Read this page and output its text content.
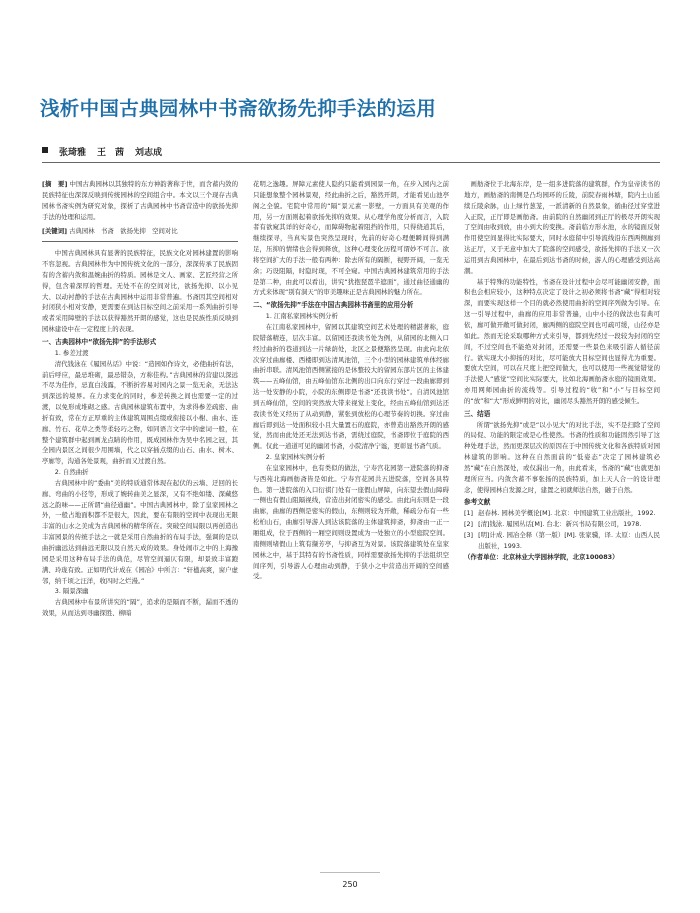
浅析中国古典园林中书斋欲扬先抑手法的运用
张琦雅 王　茜 刘志成

[摘　要] 中国古典园林以其独特的东方神韵著称于世，而含蓄内敛的民族特征也深深反映到传统园林的空间组合中。本文以三个现存古典园林书斋实例为研究对象，探析了古典园林中书斋营造中的欲扬先抑手法的处理和运用。

[关键词] 古典园林　书斋　欲扬先抑　空间对比

中国古典园林具有显著的民族特征，民族文化对园林建置的影响不容忽视。古典园林作为中国传统文化的一部分，深深传承了民族固有的含蓄内敛和温婉曲折的特质。园林是文人、画家、艺匠经营之所得，包含着深厚的哲理。无处不在的空间对比，欲扬先抑、以小见大、以动衬静的手法在古典园林中运用非常普遍。书斋因其空间相对封闭狭小相对安静，更需要在到达目标空间之前采用一系列曲折引导或者采用障壁的手法以获得豁然开朗的感觉，这也是民族性质反映到园林建设中在一定程度上的表现。

一、古典园林中“欲扬先抑”的手法形式
1. 参差过渡

清代钱泳在《履园丛话》中说：“造园如作诗文，必使曲折有法，前后呼应，最忌堆砌，最忌错杂，方称佳构。”古典园林的营建以深远不尽为佳作，忌直白浅露，不断折容易对园内之景一览无余，无法达到深远的境界。在力求变化的同时，参差转换之间也需要一定的过渡，以免形成堆砌之感。古典园林建筑布置中，为求得参差疏密、曲折有致，常在方正厚重的主体建筑周围点缀或衔接以小榭、曲水、连廊、竹石、花草之类等柔轻巧之物，如同语言文字中的虚词一般，在整个建筑群中起到画龙点睛的作用，既成园林作为吴中名园之冠，其全园内景区之间很少用围墙，代之以穿插点缀的山石、曲水、树木、亭廊等，沟通各处景观，曲折而又过渡自然。

2. 自然曲折

古典园林中的“委曲”美的特质通常体现在起伏的云墙、迂回的长廊、弯曲的小径等，形成了婉转曲美之显深，又有不绝如缕、深藏悠远之韵味——正所谓“曲径通幽”。中国古典园林中，除了皇家园林之外，一般占地面积都不是很大，因此，要在有限的空间中表现出无限丰富的山水之美成为古典园林的精华所在。突破空间局限以再创造出丰富园景的传统手法之一就是采用自然曲折的布局手法，强调的是以曲折幽远达到曲远无限以及自然天成的效果。身处闹市之中的上海豫园是采用这种布局手法的典范，尽管空间逼仄有限，却景致丰富跑满、玲珑有致。正如明代计成在《园冶》中所言：“轩楹高爽，窗户虚邻，纳千顷之汪洋，收四时之烂漫。”

3. 隔景深幽

古典园林中布景所讲究的“隔”，追求的是隔而不断，漏而不透的效果，从而达到寻幽探胜、柳暗

花明之逸趣。屏障元素使人隐约只能看到园景一角，在步入园内之前只能想象整个园林景观，经此曲折之后，豁然开朗，才能看见山池亭阁之全貌。宅院中常用的“隔”景元素一影壁，一方面具有美观的作用，另一方面则起着欲扬先抑的效果。从心理学角度分析而言，入院者有欲窥其详的好奇心，而障碍物起着阻挡的作用，只得绕道其后，继续探寻，当真实景色突然呈现时，先前的好奇心理便瞬间得到满足，压抑的情绪也会得到释放，这种心理变化历程可谓妙不可言。欲将空间扩大的手法一般有两种：除去所有的隔断，视野开阔，一览无余；巧设阻隔，时隐时现，不可全窥。中国古典园林建筑常用的手法是第二种，由此可以看出，讲究“犹抱琵琶半遮面”，通过曲径通幽的方式来体现“别有洞天”的审美趣味正是古典园林的魅力所在。

二、“欲扬先抑”手法在中国古典园林书斋里的应用分析
1. 江南私家园林实例分析

在江南私家园林中，留园以其建筑空间艺术处理的精湛著称，庭院错落精连，层次丰富。以留园还我读书处为例，从留园的北侧入口经过曲折的巷道到达一片绿荫处，北区之景便豁然呈现。由此向北依次穿过曲廊楼、西楼即到达清风池馆，三个小型的园林建筑单体经廊曲折串联。清风池馆西侧紧接的是休整较大的留园东部片区的主体建筑——五峰仙馆，由五峰仙馆东北侧的出口向东行穿过一段曲廊即到达一处安静的小院，小院的东侧即是书斋“还我读书处”。自清风池馆到五峰仙馆，空间的突然放大带来视觉上变化，经由五峰仙馆到达还我读书处又经历了从动到静，紧张到放松的心理节奏的切换。穿过曲廊后即到达一处面积较小且大量置石的庭院，亦曾造出豁然开朗的感觉，然而由此处还无法到达书斋，需绕过庭院，书斋即位于庭院的西侧。仅此一道道可见的幽闭书斋，小院清净宁谧，更彰显书斋气质。

2. 皇家园林实例分析

在皇家园林中，也有类似的做法，宁寿宫花园第一进院落的抑斋与西苑北海画舫斋皆是如此。宁寿宫花园共五进院落，空间各具特色。第一进院落的入口衍祺门处有一座假山屏障，向东望去假山障碍一侧也有假山阻隔视线，营造出封闭密实的感受。由此向东则是一段曲廊，曲廊的西侧是密实的假山，东侧则较为开敞，稀疏分布有一些松柏山石，曲廊引导游人到达该院落的主体建筑抑斋，抑斋由一正一厢组成，位于西侧的一厢空间则设置成为一处独立的小型庭院空间。南侧则堵假山上筑有撷芳亭，与抑斋互为对景。该院落建筑处在皇家园林之中，基于其特有的书斋性质，同样需要欲扬先抑的手法组织空间序列，引导游人心理由动到静，于狭小之中营造出开阔的空间感受。

　画舫斋位于北海东岸，是一组多进院落的建筑群，作为皇帝读书的地方，画舫斋的南侧是凸均园环的丘陵，前院春雨林塘，院内土山延续丘陵余脉，山上绿竹葱茏，一派清新的自然景象，循曲径过穿堂进入正院，正厅即是画舫斋。由前院的自然幽闭到正厅的极尽开朗实现了空间由收到放，由小到大的变换。斋前临方形水池，水的镜面反射作用使空间显得比实际要大，同时水庭留中引导流线沿东西两侧廊到达正厅，又于无意中加大了院落的空间感受，欲扬先抑的手法又一次运用到古典园林中，在最后到达书斋的时候，游人的心理感受到达高潮。

基于特殊的功能特性，书斋在设计过程中会尽可能幽闭安静，面积也会相应较小，这种特点决定了设计之初必须将书斋“藏”得相对较深，而要实现这样一个目的就必然使用曲折的空间序列做为引导。在这一引导过程中，曲廊的应用非常普遍，山中小径的做法也有典可依，廊可做开敞可做封闭，廊两侧的庭院空间也可疏可缓，山径亦是如此。然而无论采取哪种方式来引导，都到先经过一段较为封闭的空间，不过空间也不能绝对封闭，还需要一些景色来吸引游人循径前行。欲实现大小抑扬的对比，尽可能放大目标空间也显得尤为重要。要放大空间，可以在尺度上把空间做大，也可以使用一些视觉错觉的手法使人“感觉”空间比实际要大，比如北海画舫斋水庭的镜面效果。亦用网师园曲折的流线等。引导过程的“收”和“小”与目标空间的“放”和“大”形成鲜明的对比，幽闭尽头豁然开朗的感受倾生。

三、结语

所谓“欲扬先抑”或是“以小见大”的对比手法，实不是扫除了空间的局促、功能的限定或是心性使然。书斋的性质和功能固然引导了这种处理手法，然而更深层次的原因在于中国传统文化和各族特质对园林建筑的影响。这种在自然面前的“低姿态”决定了园林建筑必然“藏”在自然深处，或仅漏出一角，由此看来，书斋的“藏”也就更加理所应当。内敛含蓄不事张扬的民族特质，加上天人合一的设计理念，使得园林自发源之时，建置之初就师法自然，融于自然。

参考文献

[1] 赵春林. 园林美学概论[M]. 北京：中国建筑工业出版社，1992.

[2] [清]钱泳. 履园丛话[M]. 台北：新兴书局有限公司，1978.

[3] [明]计成. 园冶全释（第一版）[M]. 张家骥，译. 太原：山西人民出版社，1993.

（作者单位：北京林业大学园林学院，北京100083）

250
